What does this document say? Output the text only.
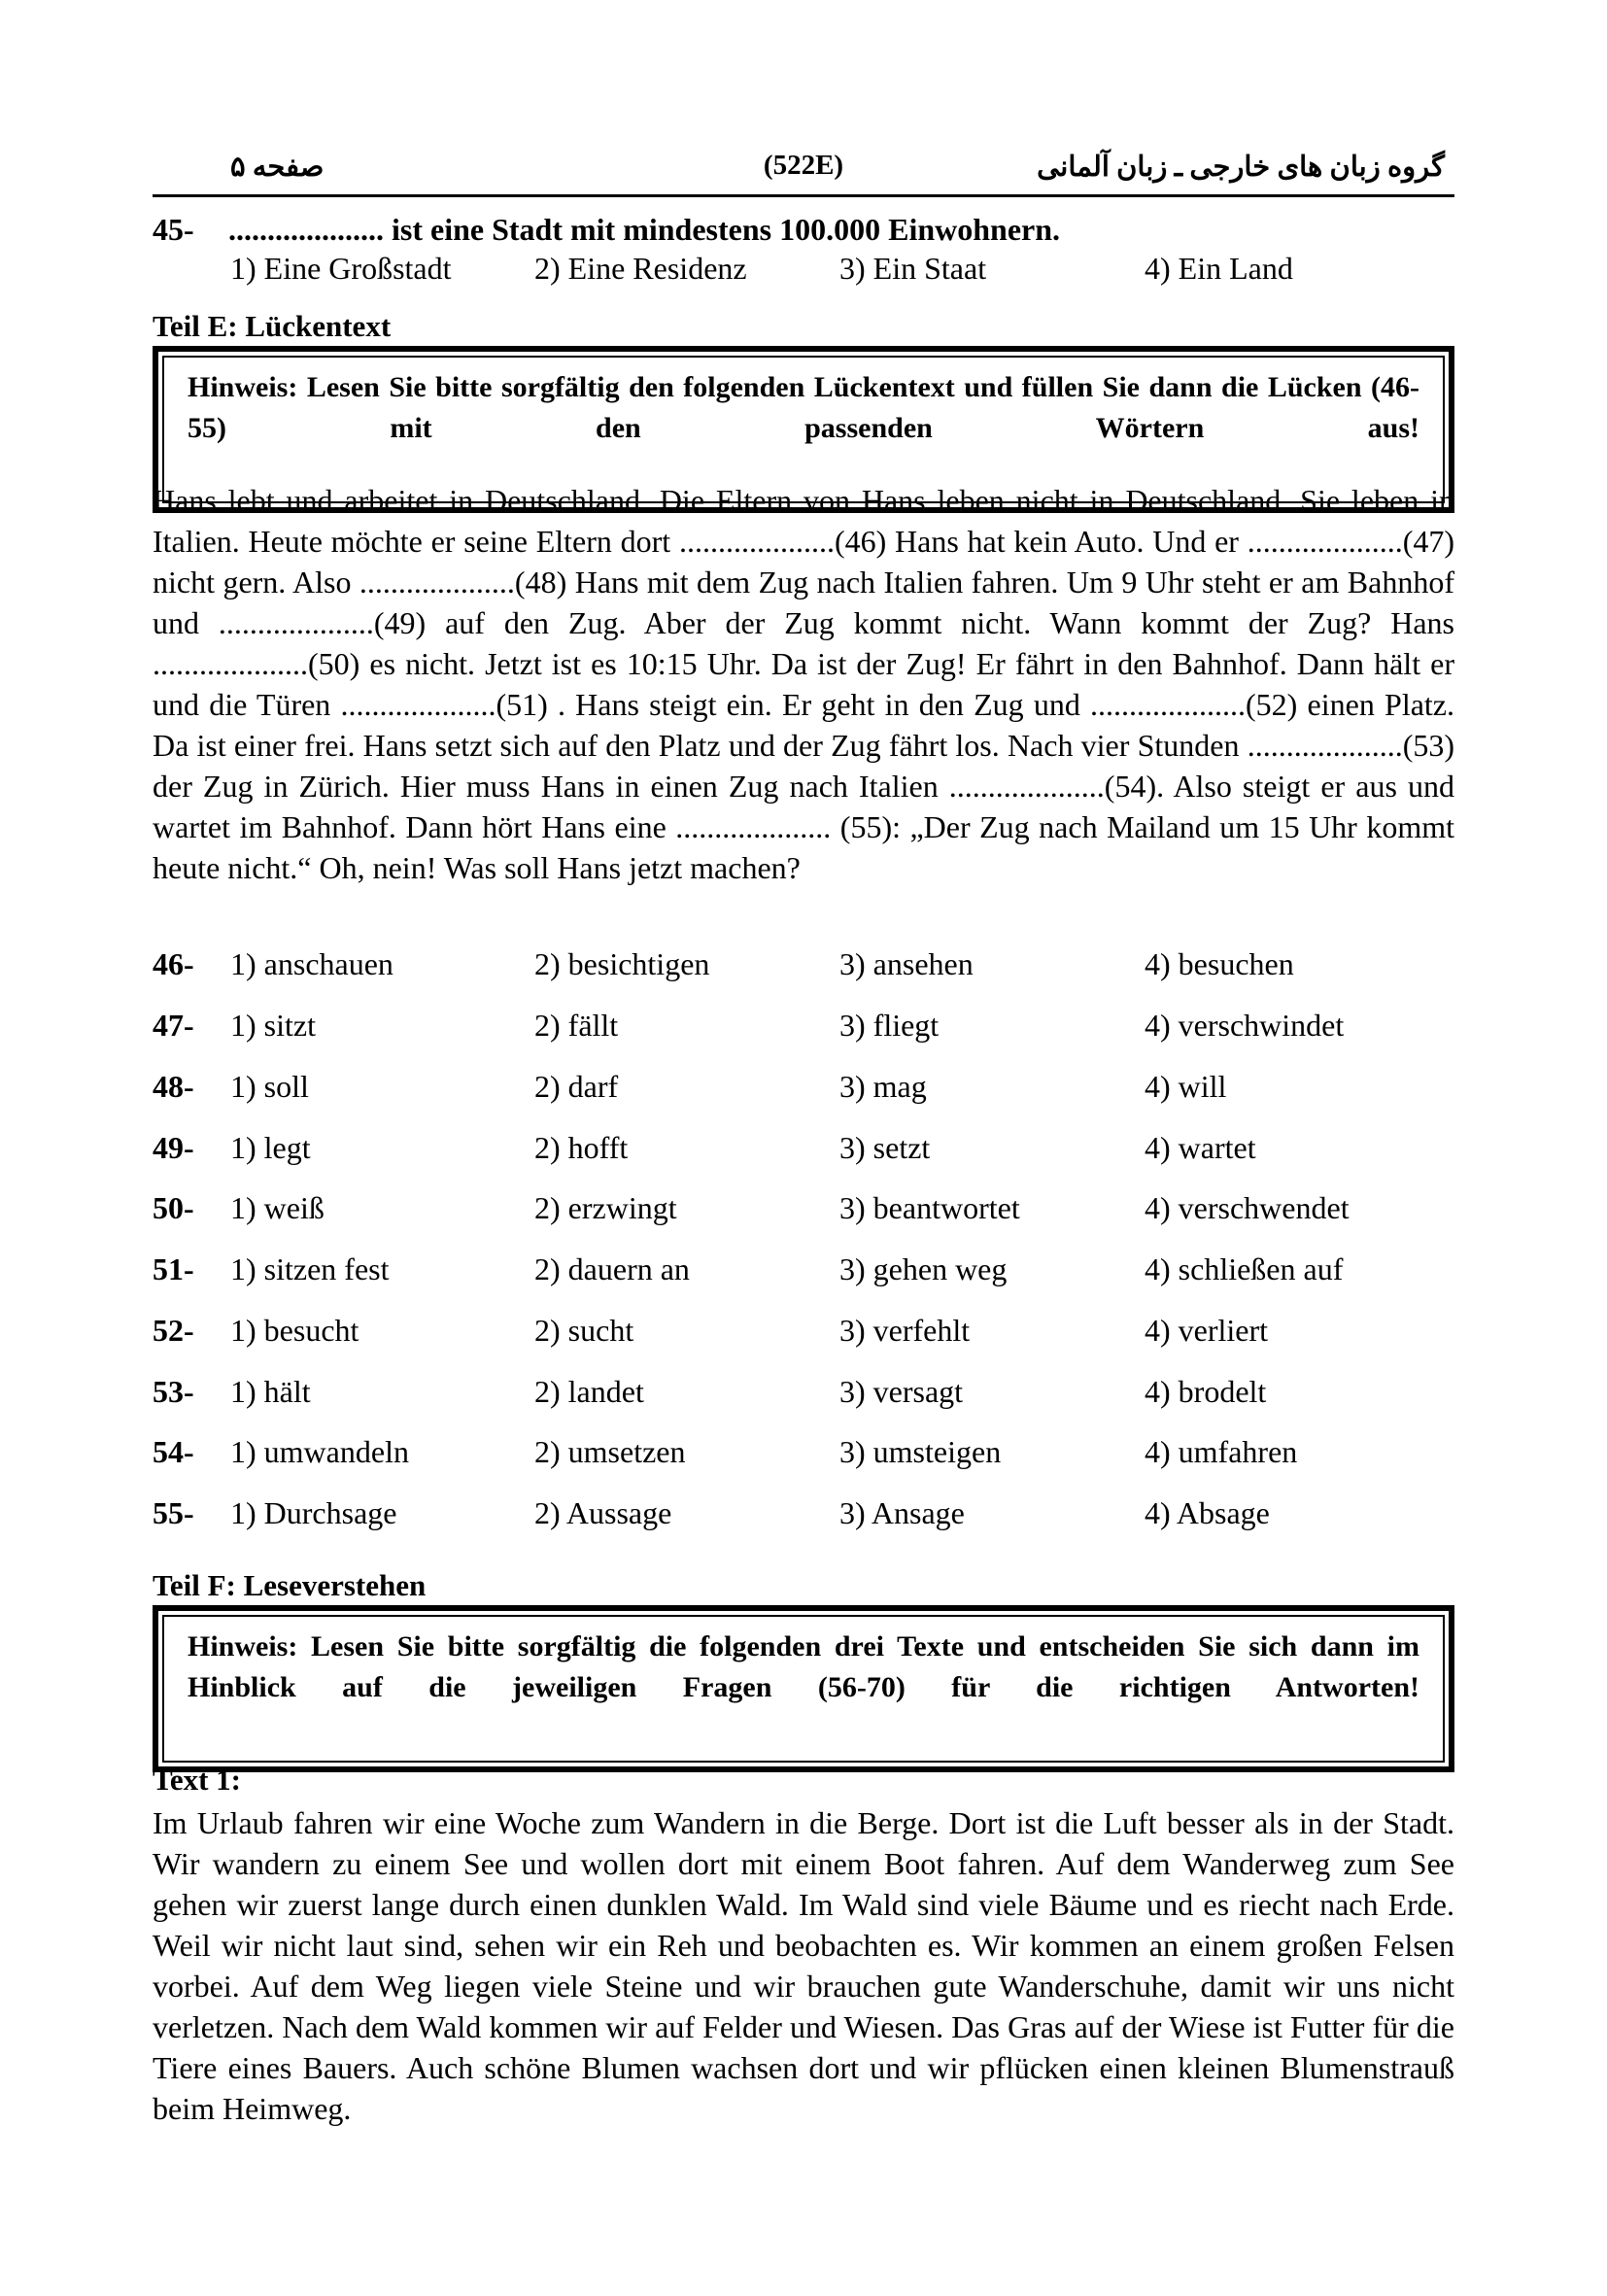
صفحه ۵	(522E)	گروه زبان های خارجی ـ زبان آلمانی
45- .................... ist eine Stadt mit mindestens 100.000 Einwohnern.
1) Eine Großstadt	2) Eine Residenz	3) Ein Staat	4) Ein Land
Teil E: Lückentext
Hinweis: Lesen Sie bitte sorgfältig den folgenden Lückentext und füllen Sie dann die Lücken (46-55) mit den passenden Wörtern aus!
Hans lebt und arbeitet in Deutschland. Die Eltern von Hans leben nicht in Deutschland. Sie leben in Italien. Heute möchte er seine Eltern dort ....................(46) Hans hat kein Auto. Und er ....................(47) nicht gern. Also ....................(48) Hans mit dem Zug nach Italien fahren. Um 9 Uhr steht er am Bahnhof und ....................(49) auf den Zug. Aber der Zug kommt nicht. Wann kommt der Zug? Hans ....................(50) es nicht. Jetzt ist es 10:15 Uhr. Da ist der Zug! Er fährt in den Bahnhof. Dann hält er und die Türen ....................(51) . Hans steigt ein. Er geht in den Zug und ....................(52) einen Platz. Da ist einer frei. Hans setzt sich auf den Platz und der Zug fährt los. Nach vier Stunden ....................(53) der Zug in Zürich. Hier muss Hans in einen Zug nach Italien ....................(54). Also steigt er aus und wartet im Bahnhof. Dann hört Hans eine .................... (55): „Der Zug nach Mailand um 15 Uhr kommt heute nicht.“ Oh, nein! Was soll Hans jetzt machen?
46- 1) anschauen	2) besichtigen	3) ansehen	4) besuchen
47- 1) sitzt	2) fällt	3) fliegt	4) verschwindet
48- 1) soll	2) darf	3) mag	4) will
49- 1) legt	2) hofft	3) setzt	4) wartet
50- 1) weiß	2) erzwingt	3) beantwortet	4) verschwendet
51- 1) sitzen fest	2) dauern an	3) gehen weg	4) schließen auf
52- 1) besucht	2) sucht	3) verfehlt	4) verliert
53- 1) hält	2) landet	3) versagt	4) brodelt
54- 1) umwandeln	2) umsetzen	3) umsteigen	4) umfahren
55- 1) Durchsage	2) Aussage	3) Ansage	4) Absage
Teil F: Leseverstehen
Hinweis: Lesen Sie bitte sorgfältig die folgenden drei Texte und entscheiden Sie sich dann im Hinblick auf die jeweiligen Fragen (56-70) für die richtigen Antworten!
Text 1:
Im Urlaub fahren wir eine Woche zum Wandern in die Berge. Dort ist die Luft besser als in der Stadt. Wir wandern zu einem See und wollen dort mit einem Boot fahren. Auf dem Wanderweg zum See gehen wir zuerst lange durch einen dunklen Wald. Im Wald sind viele Bäume und es riecht nach Erde. Weil wir nicht laut sind, sehen wir ein Reh und beobachten es. Wir kommen an einem großen Felsen vorbei. Auf dem Weg liegen viele Steine und wir brauchen gute Wanderschuhe, damit wir uns nicht verletzen. Nach dem Wald kommen wir auf Felder und Wiesen. Das Gras auf der Wiese ist Futter für die Tiere eines Bauers. Auch schöne Blumen wachsen dort und wir pflücken einen kleinen Blumenstrauß beim Heimweg.
